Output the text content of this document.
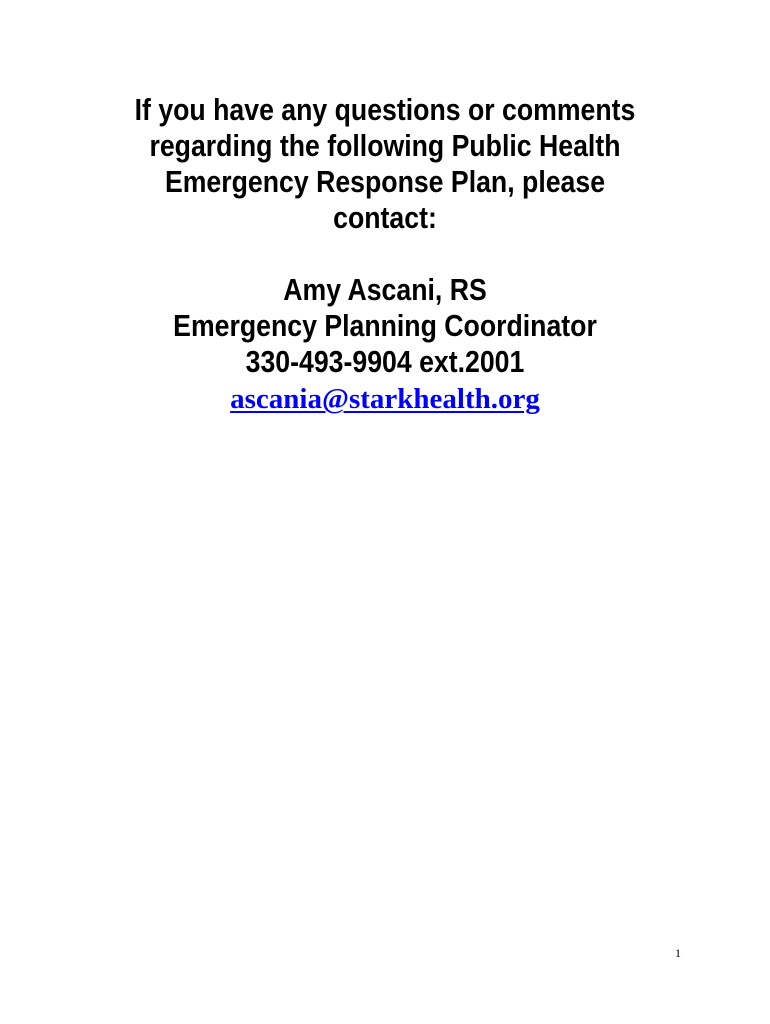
If you have any questions or comments regarding the following Public Health Emergency Response Plan, please contact:

Amy Ascani, RS
Emergency Planning Coordinator
330-493-9904 ext.2001
ascania@starkhealth.org
1
